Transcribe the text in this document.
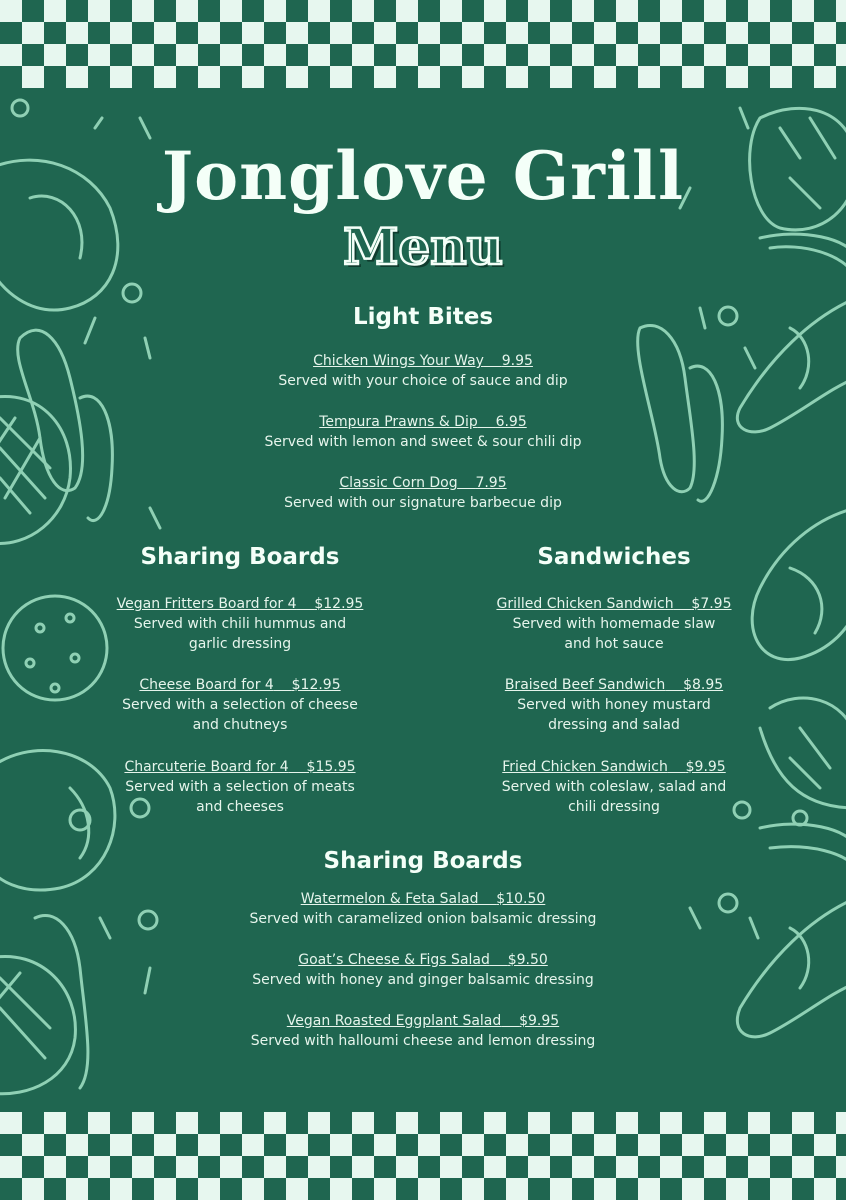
Jonglove Grill
Menu
Light Bites
Chicken Wings Your Way 9.95
Served with your choice of sauce and dip
Tempura Prawns & Dip 6.95
Served with lemon and sweet & sour chili dip
Classic Corn Dog 7.95
Served with our signature barbecue dip
Sharing Boards
Vegan Fritters Board for 4 $12.95
Served with chili hummus and
garlic dressing
Cheese Board for 4 $12.95
Served with a selection of cheese
and chutneys
Charcuterie Board for 4 $15.95
Served with a selection of meats
and cheeses
Sandwiches
Grilled Chicken Sandwich $7.95
Served with homemade slaw
and hot sauce
Braised Beef Sandwich $8.95
Served with honey mustard
dressing and salad
Fried Chicken Sandwich $9.95
Served with coleslaw, salad and
chili dressing
Sharing Boards
Watermelon & Feta Salad $10.50
Served with caramelized onion balsamic dressing
Goat’s Cheese & Figs Salad $9.50
Served with honey and ginger balsamic dressing
Vegan Roasted Eggplant Salad $9.95
Served with halloumi cheese and lemon dressing
